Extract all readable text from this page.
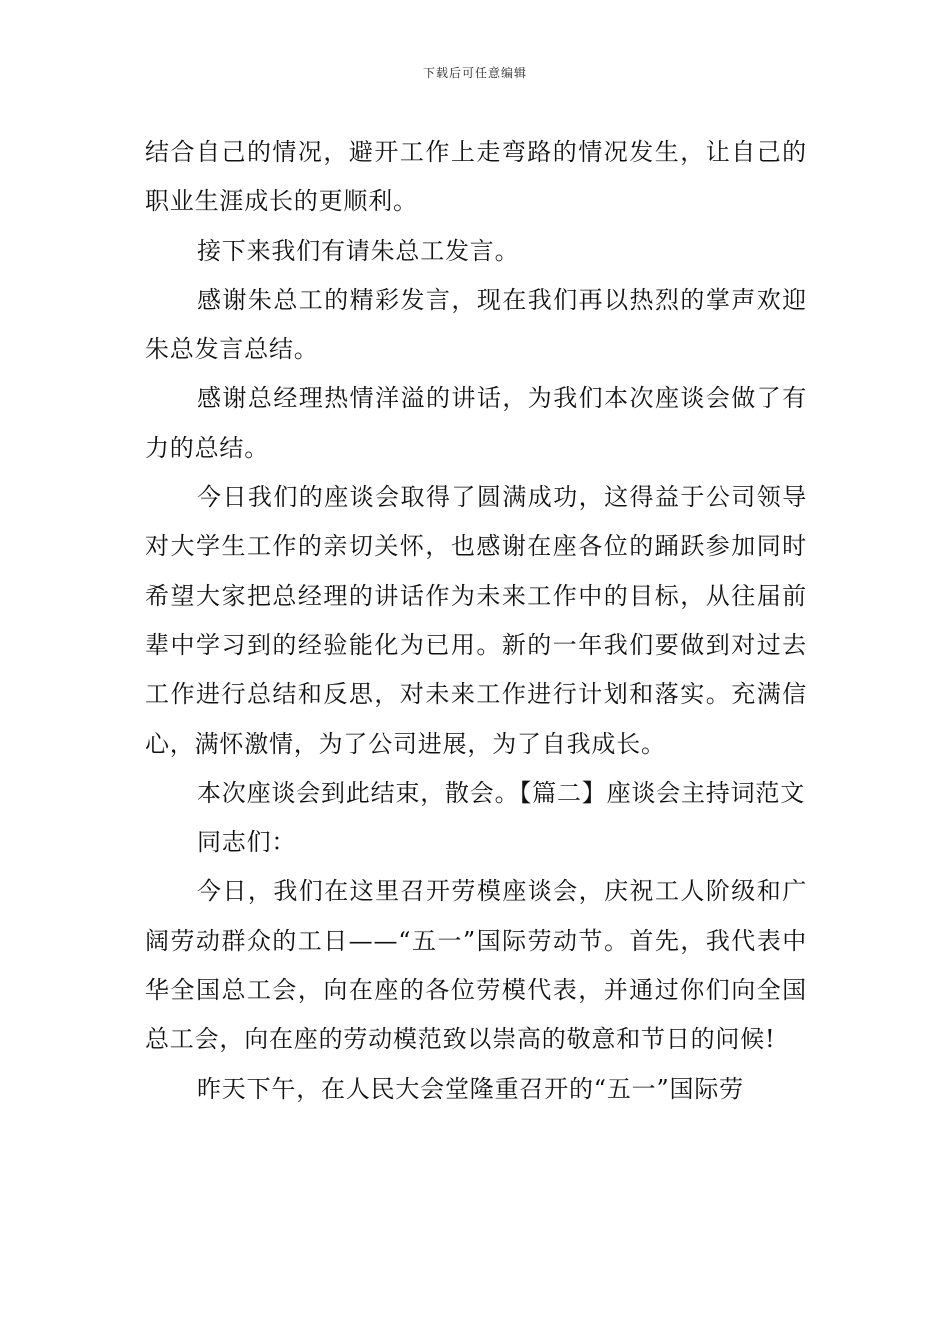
下载后可任意编辑

结合自己的情况，避开工作上走弯路的情况发生，让自己的职业生涯成长的更顺利。

接下来我们有请朱总工发言。

感谢朱总工的精彩发言，现在我们再以热烈的掌声欢迎朱总发言总结。

感谢总经理热情洋溢的讲话，为我们本次座谈会做了有力的总结。

今日我们的座谈会取得了圆满成功，这得益于公司领导对大学生工作的亲切关怀，也感谢在座各位的踊跃参加同时希望大家把总经理的讲话作为未来工作中的目标，从往届前辈中学习到的经验能化为已用。新的一年我们要做到对过去工作进行总结和反思，对未来工作进行计划和落实。充满信心，满怀激情，为了公司进展，为了自我成长。

本次座谈会到此结束，散会。【篇二】座谈会主持词范文

同志们：

今日，我们在这里召开劳模座谈会，庆祝工人阶级和广阔劳动群众的工日——“五一”国际劳动节。首先，我代表中华全国总工会，向在座的各位劳模代表，并通过你们向全国总工会，向在座的劳动模范致以崇高的敬意和节日的问候!

昨天下午，在人民大会堂隆重召开的“五一”国际劳
